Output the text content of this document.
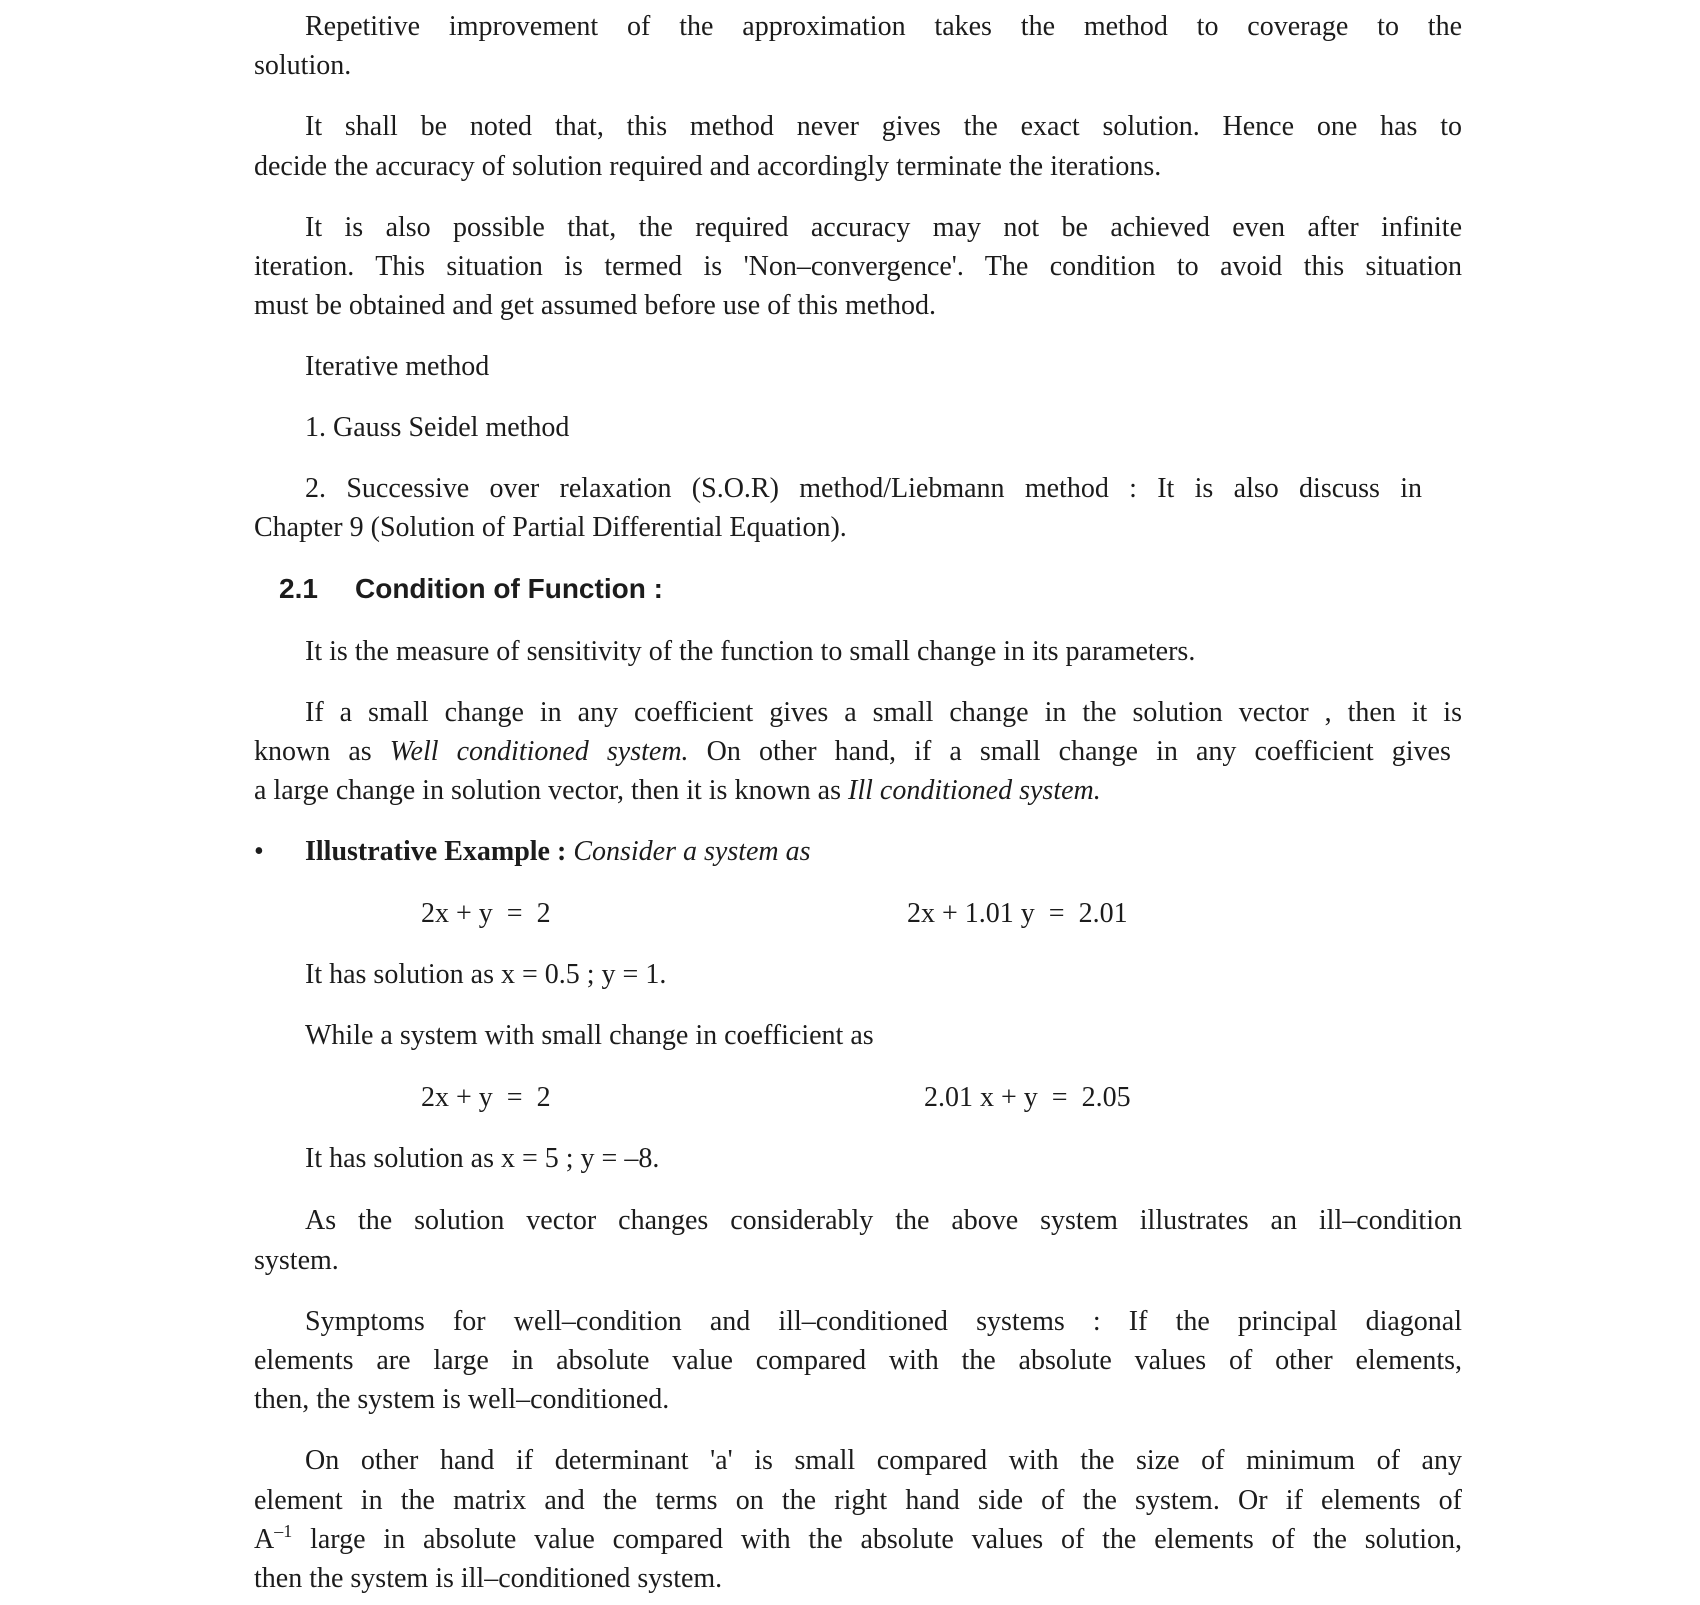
2.1 Condition of Function :
•
Repetitive improvement of the approximation takes the method to coverage to the
solution.
It shall be noted that, this method never gives the exact solution. Hence one has to
decide the accuracy of solution required and accordingly terminate the iterations.
It is also possible that, the required accuracy may not be achieved even after infinite
iteration. This situation is termed is 'Non–convergence'. The condition to avoid this situation
must be obtained and get assumed before use of this method.
Iterative method
1. Gauss Seidel method
2. Successive over relaxation (S.O.R) method/Liebmann method : It is also discuss in
Chapter 9 (Solution of Partial Differential Equation).
It is the measure of sensitivity of the function to small change in its parameters.
If a small change in any coefficient gives a small change in the solution vector , then it is
known as Well conditioned system. On other hand, if a small change in any coefficient gives
a large change in solution vector, then it is known as Ill conditioned system.
Illustrative Example : Consider a system as
It has solution as x = 0.5 ; y = 1.
While a system with small change in coefficient as
It has solution as x = 5 ; y = –8.
As the solution vector changes considerably the above system illustrates an ill–condition
system.
Symptoms for well–condition and ill–conditioned systems : If the principal diagonal
elements are large in absolute value compared with the absolute values of other elements,
then, the system is well–conditioned.
On other hand if determinant 'a' is small compared with the size of minimum of any
element in the matrix and the terms on the right hand side of the system. Or if elements of
$A^{-1}$ large in absolute value compared with the absolute values of the elements of the solution,
then the system is ill–conditioned system.
2x + y  =  2	2x + 1.01 y  =  2.01
2x + y  =  2	2.01 x + y  =  2.05
